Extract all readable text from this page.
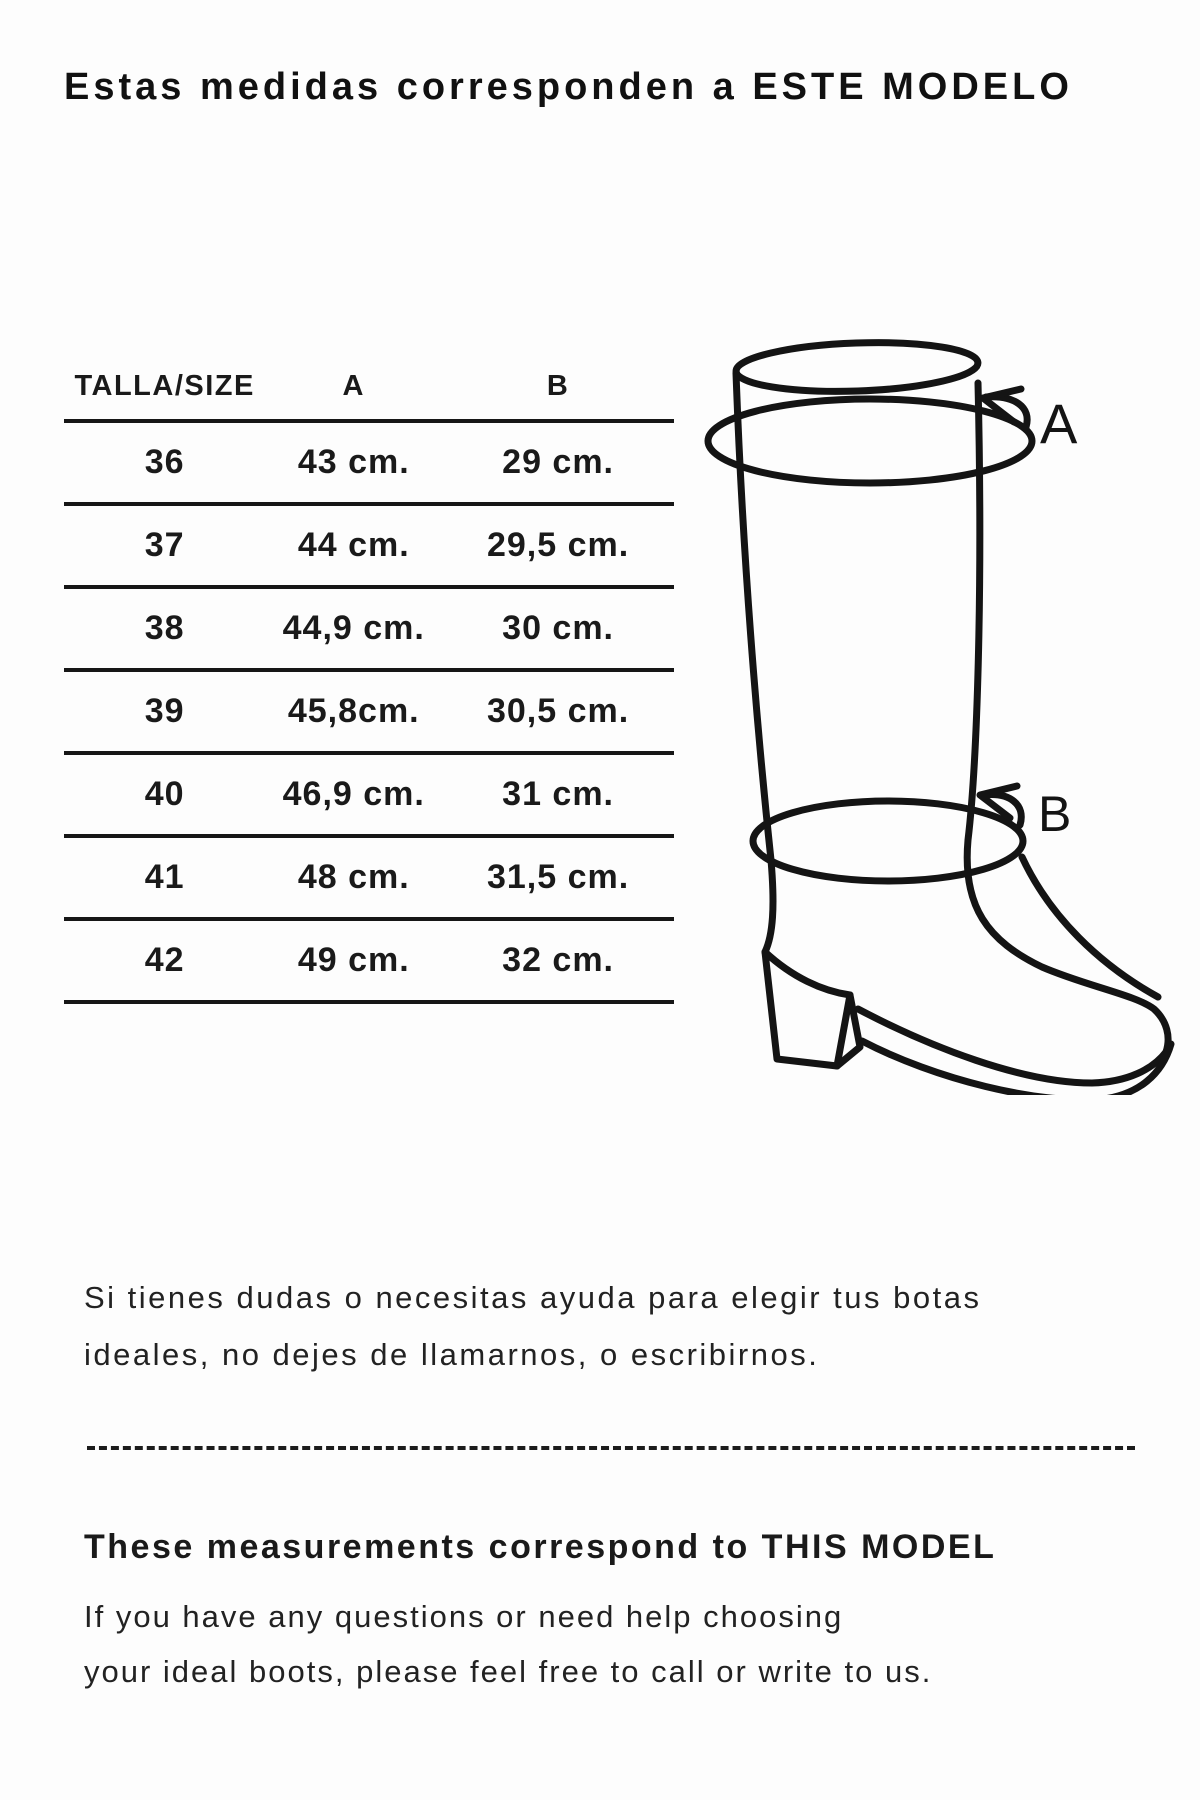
Estas medidas corresponden a ESTE MODELO
TALLA/SIZE	A	B
36	43 cm.	29 cm.
37	44 cm.	29,5 cm.
38	44,9 cm.	30 cm.
39	45,8cm.	30,5 cm.
40	46,9 cm.	31 cm.
41	48 cm.	31,5 cm.
42	49 cm.	32 cm.
A
B
Si tienes dudas o necesitas ayuda para elegir tus botas
ideales, no dejes de llamarnos, o escribirnos.
These measurements correspond to THIS MODEL
If you have any questions or need help choosing
your ideal boots, please feel free to call or write to us.
